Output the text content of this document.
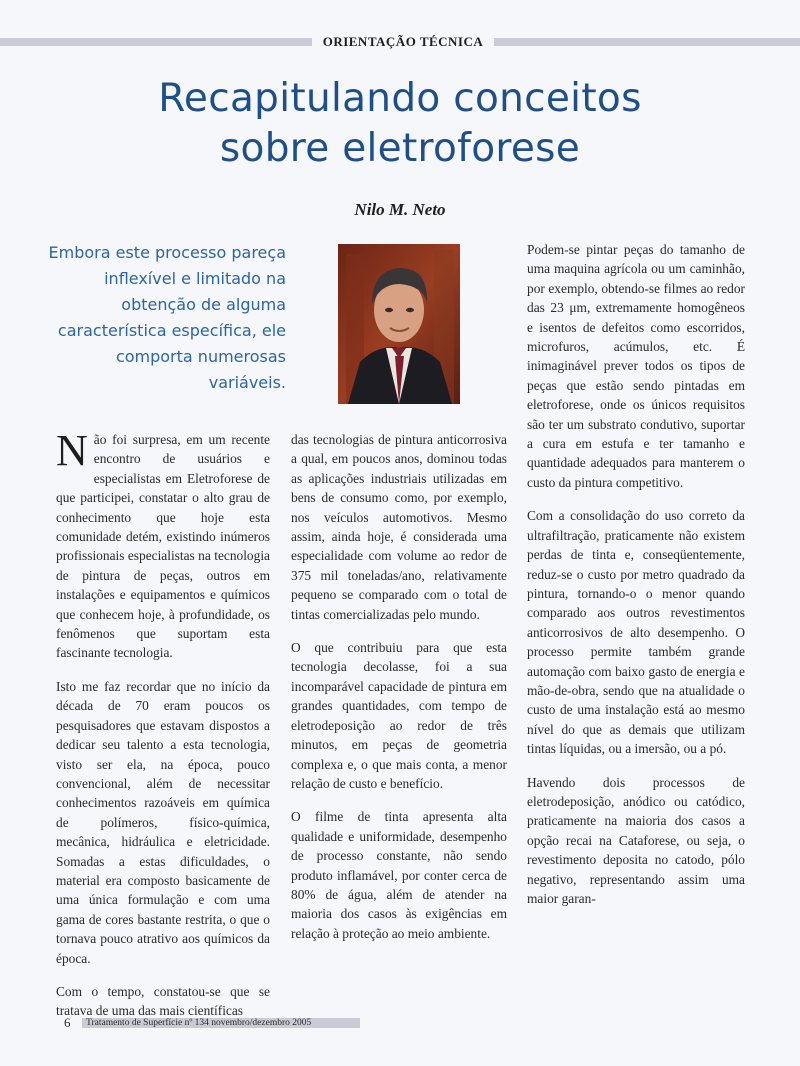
ORIENTAÇÃO TÉCNICA
Recapitulando conceitos
sobre eletroforese
Nilo M. Neto

Embora este processo pareça inflexível e limitado na obtenção de alguma característica específica, ele comporta numerosas variáveis.

Não foi surpresa, em um recente encontro de usuários e especialistas em Eletroforese de que participei, constatar o alto grau de conhecimento que hoje esta comunidade detém, existindo inúmeros profissionais especialistas na tecnologia de pintura de peças, outros em instalações e equipamentos e químicos que conhecem hoje, à profundidade, os fenômenos que suportam esta fascinante tecnologia.

Isto me faz recordar que no início da década de 70 eram poucos os pesquisadores que estavam dispostos a dedicar seu talento a esta tecnologia, visto ser ela, na época, pouco convencional, além de necessitar conhecimentos razoáveis em química de polímeros, físico-química, mecânica, hidráulica e eletricidade. Somadas a estas dificuldades, o material era composto basicamente de uma única formulação e com uma gama de cores bastante restrita, o que o tornava pouco atrativo aos químicos da época.

Com o tempo, constatou-se que se tratava de uma das mais científicas

das tecnologias de pintura anticorrosiva a qual, em poucos anos, dominou todas as aplicações industriais utilizadas em bens de consumo como, por exemplo, nos veículos automotivos. Mesmo assim, ainda hoje, é considerada uma especialidade com volume ao redor de 375 mil toneladas/ano, relativamente pequeno se comparado com o total de tintas comercializadas pelo mundo.

O que contribuiu para que esta tecnologia decolasse, foi a sua incomparável capacidade de pintura em grandes quantidades, com tempo de eletrodeposição ao redor de três minutos, em peças de geometria complexa e, o que mais conta, a menor relação de custo e benefício.

O filme de tinta apresenta alta qualidade e uniformidade, desempenho de processo constante, não sendo produto inflamável, por conter cerca de 80% de água, além de atender na maioria dos casos às exigências em relação à proteção ao meio ambiente.

Podem-se pintar peças do tamanho de uma maquina agrícola ou um caminhão, por exemplo, obtendo-se filmes ao redor das 23 μm, extremamente homogêneos e isentos de defeitos como escorridos, microfuros, acúmulos, etc. É inimaginável prever todos os tipos de peças que estão sendo pintadas em eletroforese, onde os únicos requisitos são ter um substrato condutivo, suportar a cura em estufa e ter tamanho e quantidade adequados para manterem o custo da pintura competitivo.

Com a consolidação do uso correto da ultrafiltração, praticamente não existem perdas de tinta e, conseqüentemente, reduz-se o custo por metro quadrado da pintura, tornando-o o menor quando comparado aos outros revestimentos anticorrosivos de alto desempenho. O processo permite também grande automação com baixo gasto de energia e mão-de-obra, sendo que na atualidade o custo de uma instalação está ao mesmo nível do que as demais que utilizam tintas líquidas, ou a imersão, ou a pó.

Havendo dois processos de eletrodeposição, anódico ou catódico, praticamente na maioria dos casos a opção recai na Cataforese, ou seja, o revestimento deposita no catodo, pólo negativo, representando assim uma maior garan-

6 Tratamento de Superfície nº 134 novembro/dezembro 2005
